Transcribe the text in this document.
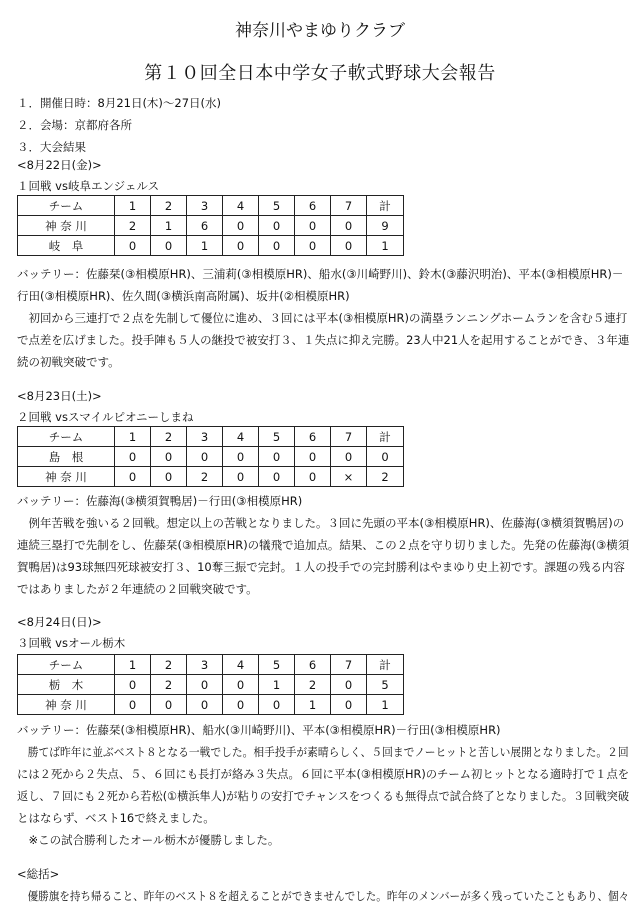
神奈川やまゆりクラブ
第１０回全日本中学女子軟式野球大会報告
１．開催日時：8月21日(木)～27日(水)
２．会場：京都府各所
３．大会結果
<8月22日(金)>
１回戦 vs岐阜エンジェルス
チーム	1	2	3	4	5	6	7	計
神 奈 川	2	1	6	0	0	0	0	9
岐　阜	0	0	1	0	0	0	0	1
バッテリー：佐藤栞(③相模原HR)、三浦莉(③相模原HR)、船水(③川崎野川)、鈴木(③藤沢明治)、平本(③相模原HR)－
行田(③相模原HR)、佐久間(③横浜南高附属)、坂井(②相模原HR)
　初回から三連打で２点を先制して優位に進め、３回には平本(③相模原HR)の満塁ランニングホームランを含む５連打
で点差を広げました。投手陣も５人の継投で被安打３、１失点に抑え完勝。23人中21人を起用することができ、３年連
続の初戦突破です。
<8月23日(土)>
２回戦 vsスマイルピオニーしまね
チーム	1	2	3	4	5	6	7	計
島　根	0	0	0	0	0	0	0	0
神 奈 川	0	0	2	0	0	0	×	2
バッテリー：佐藤海(③横須賀鴨居)－行田(③相模原HR)
　例年苦戦を強いる２回戦。想定以上の苦戦となりました。３回に先頭の平本(③相模原HR)、佐藤海(③横須賀鴨居)の
連続三塁打で先制をし、佐藤栞(③相模原HR)の犠飛で追加点。結果、この２点を守り切りました。先発の佐藤海(③横須
賀鴨居)は93球無四死球被安打３、10奪三振で完封。１人の投手での完封勝利はやまゆり史上初です。課題の残る内容
ではありましたが２年連続の２回戦突破です。
<8月24日(日)>
３回戦 vsオール栃木
チーム	1	2	3	4	5	6	7	計
栃　木	0	2	0	0	1	2	0	5
神 奈 川	0	0	0	0	0	1	0	1
バッテリー：佐藤栞(③相模原HR)、船水(③川崎野川)、平本(③相模原HR)－行田(③相模原HR)
　勝てば昨年に並ぶベスト８となる一戦でした。相手投手が素晴らしく、５回までノーヒットと苦しい展開となりました。２回
には２死から２失点、５、６回にも長打が絡み３失点。６回に平本(③相模原HR)のチーム初ヒットとなる適時打で１点を
返し、７回にも２死から若松(①横浜隼人)が粘りの安打でチャンスをつくるも無得点で試合終了となりました。３回戦突破
とはならず、ベスト16で終えました。
　※この試合勝利したオール栃木が優勝しました。
<総括>
　優勝旗を持ち帰ること、昨年のベスト８を超えることができませんでした。昨年のメンバーが多く残っていたこともあり、個々
